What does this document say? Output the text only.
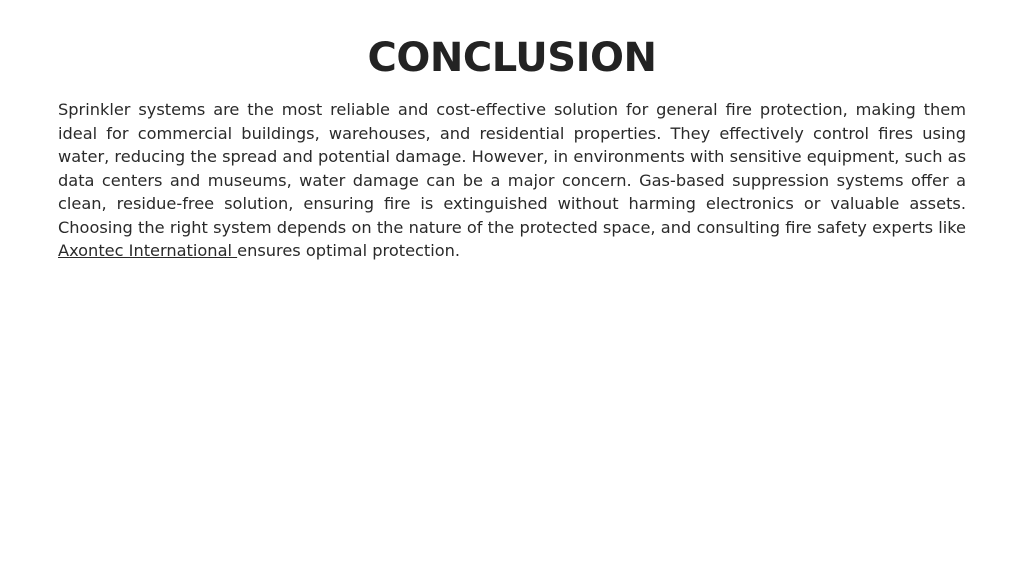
CONCLUSION

Sprinkler systems are the most reliable and cost-effective solution for general fire protection, making them ideal for commercial buildings, warehouses, and residential properties. They effectively control fires using water, reducing the spread and potential damage. However, in environments with sensitive equipment, such as data centers and museums, water damage can be a major concern. Gas-based suppression systems offer a clean, residue-free solution, ensuring fire is extinguished without harming electronics or valuable assets. Choosing the right system depends on the nature of the protected space, and consulting fire safety experts like Axontec International ensures optimal protection.
